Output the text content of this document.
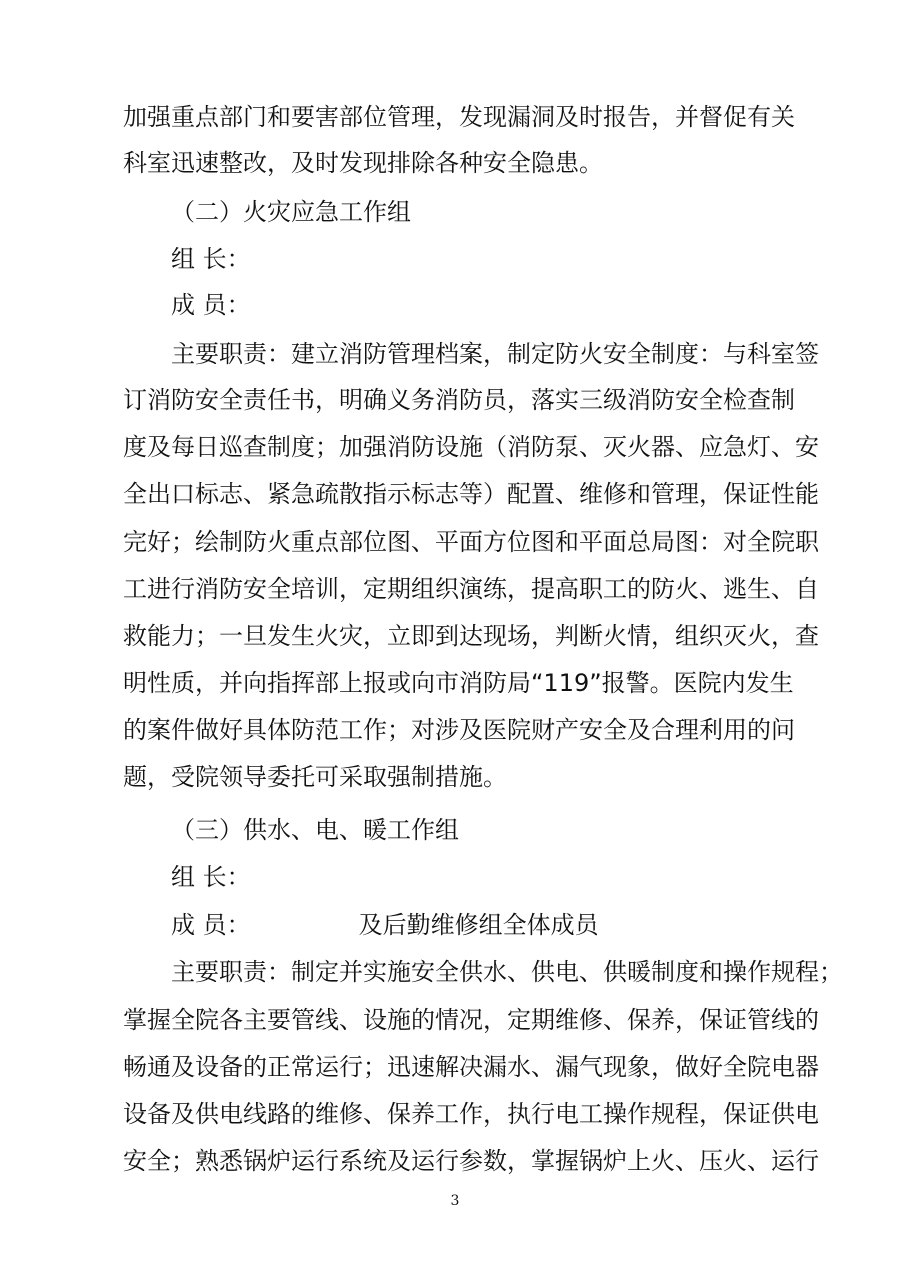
加强重点部门和要害部位管理，发现漏洞及时报告，并督促有关
科室迅速整改，及时发现排除各种安全隐患。
（二）火灾应急工作组
组 长：
成 员：
主要职责：建立消防管理档案，制定防火安全制度：与科室签
订消防安全责任书，明确义务消防员，落实三级消防安全检查制
度及每日巡查制度；加强消防设施（消防泵、灭火器、应急灯、安
全出口标志、紧急疏散指示标志等）配置、维修和管理，保证性能
完好；绘制防火重点部位图、平面方位图和平面总局图：对全院职
工进行消防安全培训，定期组织演练，提高职工的防火、逃生、自
救能力；一旦发生火灾，立即到达现场，判断火情，组织灭火，查
明性质，并向指挥部上报或向市消防局“119”报警。医院内发生
的案件做好具体防范工作；对涉及医院财产安全及合理利用的问
题，受院领导委托可采取强制措施。
（三）供水、电、暖工作组
组 长：
成 员：	及后勤维修组全体成员
主要职责：制定并实施安全供水、供电、供暖制度和操作规程；
掌握全院各主要管线、设施的情况，定期维修、保养，保证管线的
畅通及设备的正常运行；迅速解决漏水、漏气现象，做好全院电器
设备及供电线路的维修、保养工作，执行电工操作规程，保证供电
安全；熟悉锅炉运行系统及运行参数，掌握锅炉上火、压火、运行
3
